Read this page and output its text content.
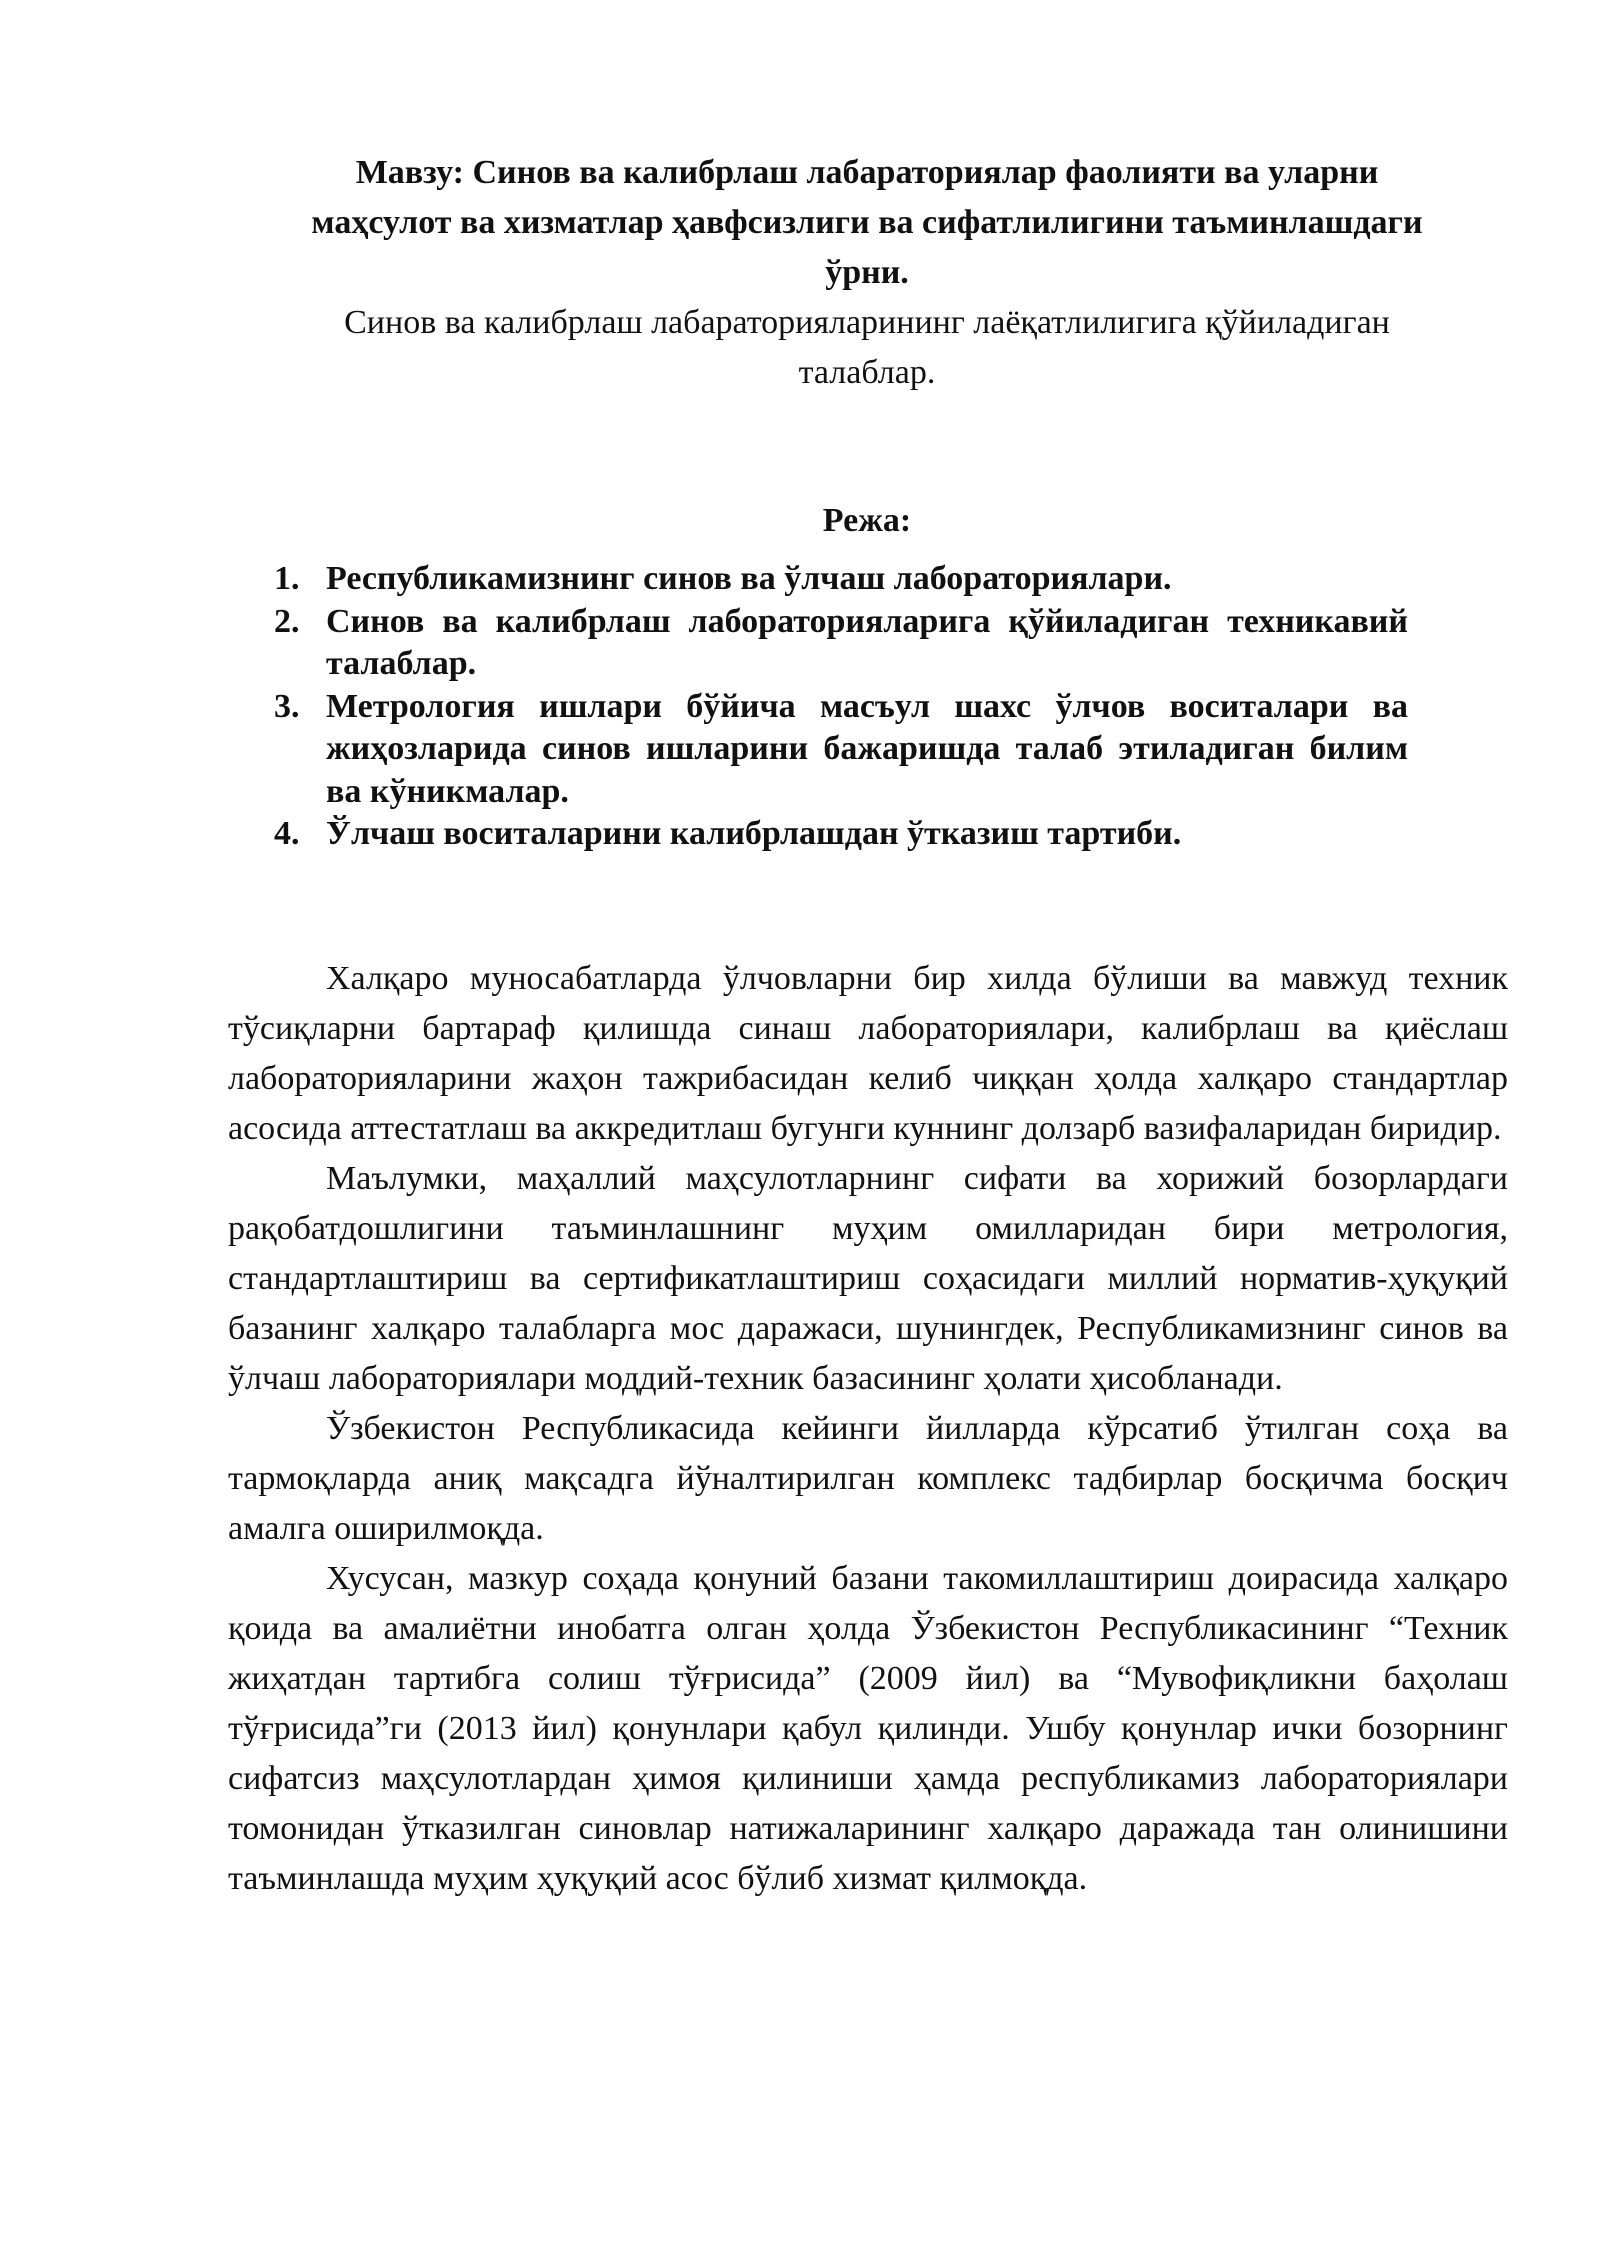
Мавзу: Синов ва калибрлаш лабараториялар фаолияти ва уларни маҳсулот ва хизматлар ҳавфсизлиги ва сифатлилигини таъминлашдаги ўрни.

Синов ва калибрлаш лабараторияларининг лаёқатлилигига қўйиладиган талаблар.

Режа:
1. Республикамизнинг синов ва ўлчаш лабораториялари.
2. Синов ва калибрлаш лабораторияларига қўйиладиган техникавий талаблар.
3. Метрология ишлари бўйича масъул шахс ўлчов воситалари ва жиҳозларида синов ишларини бажаришда талаб этиладиган билим ва кўникмалар.
4. Ўлчаш воситаларини калибрлашдан ўтказиш тартиби.

Халқаро муносабатларда ўлчовларни бир хилда бўлиши ва мавжуд техник тўсиқларни бартараф қилишда синаш лабораториялари, калибрлаш ва қиёслаш лабораторияларини жаҳон тажрибасидан келиб чиққан ҳолда халқаро стандартлар асосида аттестатлаш ва аккредитлаш бугунги куннинг долзарб вазифаларидан биридир.

Маълумки, маҳаллий маҳсулотларнинг сифати ва хорижий бозорлардаги рақобатдошлигини таъминлашнинг муҳим омилларидан бири метрология, стандартлаштириш ва сертификатлаштириш соҳасидаги миллий норматив-ҳуқуқий базанинг халқаро талабларга мос даражаси, шунингдек, Республикамизнинг синов ва ўлчаш лабораториялари моддий-техник базасининг ҳолати ҳисобланади.

Ўзбекистон Республикасида кейинги йилларда кўрсатиб ўтилган соҳа ва тармоқларда аниқ мақсадга йўналтирилган комплекс тадбирлар босқичма босқич амалга оширилмоқда.

Хусусан, мазкур соҳада қонуний базани такомиллаштириш доирасида халқаро қоида ва амалиётни инобатга олган ҳолда Ўзбекистон Республикасининг “Техник жиҳатдан тартибга солиш тўғрисида” (2009 йил) ва “Мувофиқликни баҳолаш тўғрисида”ги (2013 йил) қонунлари қабул қилинди. Ушбу қонунлар ички бозорнинг сифатсиз маҳсулотлардан ҳимоя қилиниши ҳамда республикамиз лабораториялари томонидан ўтказилган синовлар натижаларининг халқаро даражада тан олинишини таъминлашда муҳим ҳуқуқий асос бўлиб хизмат қилмоқда.
